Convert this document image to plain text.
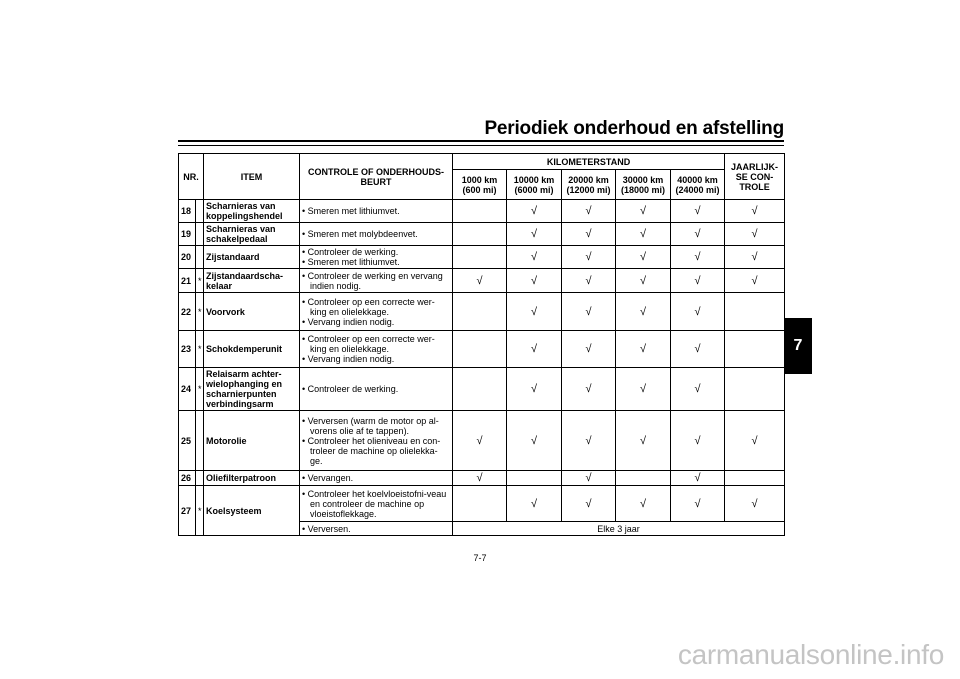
Periodiek onderhoud en afstelling
NR.		ITEM	CONTROLE OF ONDERHOUDS-BEURT	KILOMETERSTAND					JAARLIJK-SE CON-TROLE
				1000 km (600 mi)	10000 km (6000 mi)	20000 km (12000 mi)	30000 km (18000 mi)	40000 km (24000 mi)	
18		Scharnieras van koppelingshendel	• Smeren met lithiumvet.		√	√	√	√	√
19		Scharnieras van schakelpedaal	• Smeren met molybdeenvet.		√	√	√	√	√
20		Zijstandaard	• Controleer de werking.
• Smeren met lithiumvet.		√	√	√	√	√
21	*	Zijstandaardscha-kelaar	• Controleer de werking en vervang indien nodig.	√	√	√	√	√	√
22	*	Voorvork	• Controleer op een correcte wer-king en olielekkage.
• Vervang indien nodig.		√	√	√	√	
23	*	Schokdemperunit	• Controleer op een correcte wer-king en olielekkage.
• Vervang indien nodig.		√	√	√	√	
24	*	Relaisarm achter-wielophanging en scharnierpunten verbindingsarm	• Controleer de werking.		√	√	√	√	
25		Motorolie	• Verversen (warm de motor op al-vorens olie af te tappen).
• Controleer het olieniveau en con-troleer de machine op olielekka-ge.	√	√	√	√	√	√
26		Oliefilterpatroon	• Vervangen.	√		√		√	
27	*	Koelsysteem	• Controleer het koelvloeistofni-veau en controleer de machine op vloeistoflekkage.		√	√	√	√	√

			• Verversen.	Elke 3 jaar					
7
7-7
carmanualsonline.info
